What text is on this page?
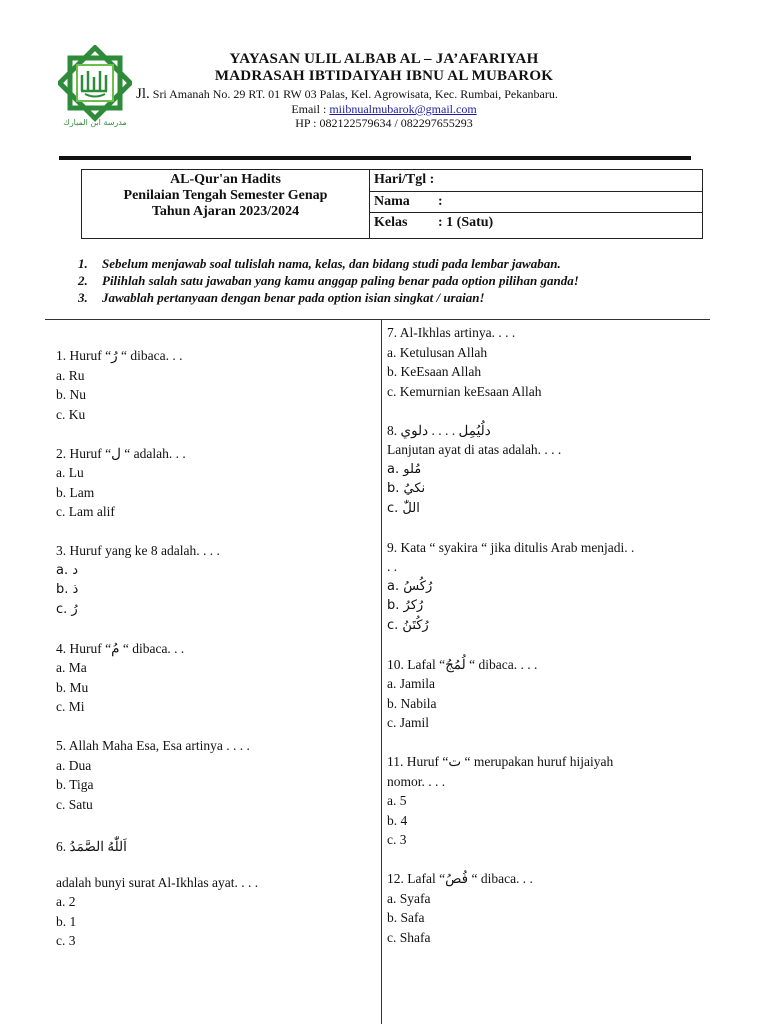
مدرسة ابن المبارك
YAYASAN ULIL ALBAB AL – JA’AFARIYAH
MADRASAH IBTIDAIYAH IBNU AL MUBAROK
Jl. Sri Amanah No. 29 RT. 01 RW 03 Palas, Kel. Agrowisata, Kec. Rumbai, Pekanbaru.
Email : miibnualmubarok@gmail.com
HP : 082122579634 / 082297655293
AL-Qur'an Hadits
Penilaian Tengah Semester Genap
Tahun Ajaran 2023/2024
	Hari/Tgl :
Nama :
Kelas : 1 (Satu)
1. Sebelum menjawab soal tulislah nama, kelas, dan bidang studi pada lembar jawaban.
2. Pilihlah salah satu jawaban yang kamu anggap paling benar pada option pilihan ganda!
3. Jawablah pertanyaan dengan benar pada option isian singkat / uraian!
1. Huruf “رُ “ dibaca. . .
a. Ru
b. Nu
c. Ku
2. Huruf “ل “ adalah. . .
a. Lu
b. Lam
c. Lam alif
3. Huruf yang ke 8 adalah. . . .
a. د
b. ذ
c. رُ
4. Huruf “مُ “ dibaca. . .
a. Ma
b. Mu
c. Mi
5. Allah Maha Esa, Esa artinya . . . .
a. Dua
b. Tiga
c. Satu
6. اَللّٰهُ الصَّمَدُ
adalah bunyi surat Al-Ikhlas ayat. . . .
a. 2
b. 1
c. 3
7. Al-Ikhlas artinya. . . .
a. Ketulusan Allah
b. KeEsaan Allah
c. Kemurnian keEsaan Allah
8. دلُيُمِل . . . . دلوي
Lanjutan ayat di atas adalah. . . .
a. مُلو
b. نكيُ
c. اللّٰ
9. Kata “ syakira “ jika ditulis Arab menjadi. .
. .
a. رُكُسُ
b. رُكرُ
c. رُكُتَنُ
10. Lafal “لُمُجُ “ dibaca. . . .
a. Jamila
b. Nabila
c. Jamil
11. Huruf “ت “ merupakan huruf hijaiyah
nomor. . . .
a. 5
b. 4
c. 3
12. Lafal “فُصُ “ dibaca. . .
a. Syafa
b. Safa
c. Shafa
